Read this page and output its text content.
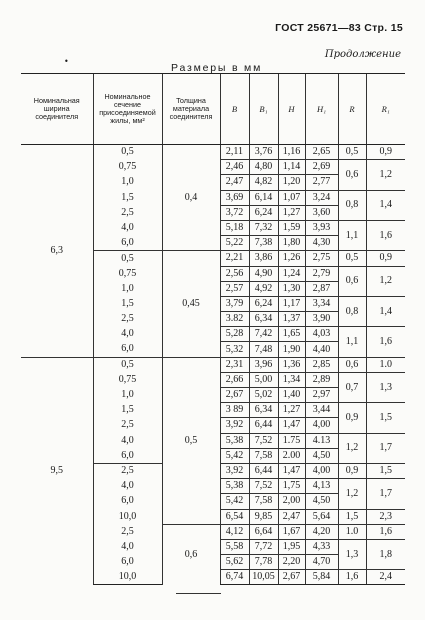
ГОСТ 25671—83 Стр. 15
Продолжение
•
Размеры в мм
Номинальная ширина соединителя	Номинальное сечение присоединяемой жилы, мм²	Толщина материала соединителя	B	B₁	H	H₁	R	R₁
6,3	0,5	0,4	2,11	3,76	1,16	2,65	0,5	0,9
	0,75		2,46	4,80	1,14	2,69	0,6	1,2
	1,0		2,47	4,82	1,20	2,77		
	1,5		3,69	6,14	1,07	3,24	0,8	1,4
	2,5		3,72	6,24	1,27	3,60		
	4,0		5,18	7,32	1,59	3,93	1,1	1,6
	6,0		5,22	7,38	1,80	4,30		
	0,5	0,45	2,21	3,86	1,26	2,75	0,5	0,9
	0,75		2,56	4,90	1,24	2,79	0,6	1,2
	1,0		2,57	4,92	1,30	2,87		
	1,5		3,79	6,24	1,17	3,34	0,8	1,4
	2,5		3.82	6,34	1,37	3,90		
	4,0		5,28	7,42	1,65	4,03	1,1	1,6
	6,0		5,32	7,48	1,90	4,40		
9,5	0,5	0,5	2,31	3,96	1,36	2,85	0,6	1.0
	0,75		2,66	5,00	1,34	2,89	0,7	1,3
	1,0		2,67	5,02	1,40	2,97		
	1,5		3 89	6,34	1,27	3,44	0,9	1,5
	2,5		3,92	6,44	1,47	4,00		
	4,0		5,38	7,52	1.75	4.13	1,2	1,7
	6,0		5,42	7,58	2.00	4,50		
	2,5		3,92	6,44	1,47	4,00	0,9	1,5
	4,0		5,38	7,52	1,75	4,13	1,2	1,7
	6,0		5,42	7,58	2,00	4,50		
	10,0		6,54	9,85	2,47	5,64	1,5	2,3
	2,5	0,6	4,12	6,64	1,67	4,20	1.0	1,6
	4,0		5,58	7,72	1,95	4,33	1,3	1,8
	6,0		5,62	7,78	2,20	4,70		
	10,0		6,74	10,05	2,67	5,84	1,6	2,4
